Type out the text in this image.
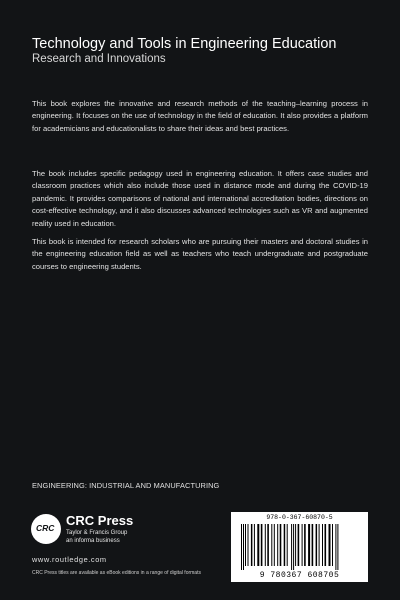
Technology and Tools in Engineering Education
Research and Innovations

This book explores the innovative and research methods of the teaching–learning process in engineering. It focuses on the use of technology in the field of education. It also provides a platform for academicians and educationalists to share their ideas and best practices.

The book includes specific pedagogy used in engineering education. It offers case studies and classroom practices which also include those used in distance mode and during the COVID-19 pandemic. It provides comparisons of national and international accreditation bodies, directions on cost-effective technology, and it also discusses advanced technologies such as VR and augmented reality used in education.

This book is intended for research scholars who are pursuing their masters and doctoral studies in the engineering education field as well as teachers who teach undergraduate and postgraduate courses to engineering students.

ENGINEERING: INDUSTRIAL AND MANUFACTURING
CRC CRC Press
Taylor & Francis Group
an informa business
www.routledge.com
CRC Press titles are available as eBook editions in a range of digital formats
978-0-367-60870-5
9 780367 608705
